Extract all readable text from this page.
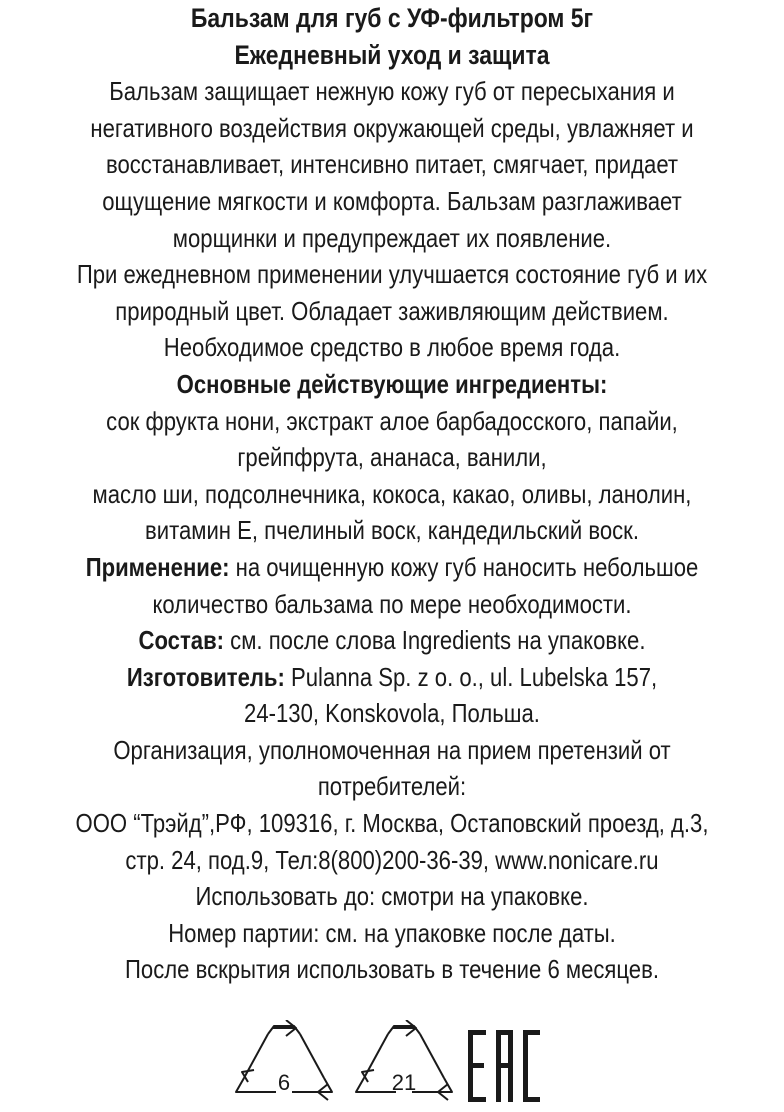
Бальзам для губ с УФ-фильтром 5г
Ежедневный уход и защита
Бальзам защищает нежную кожу губ от пересыхания и
негативного воздействия окружающей среды, увлажняет и
восстанавливает, интенсивно питает, смягчает, придает
ощущение мягкости и комфорта. Бальзам разглаживает
морщинки и предупреждает их появление.
При ежедневном применении улучшается состояние губ и их
природный цвет. Обладает заживляющим действием.
Необходимое средство в любое время года.
Основные действующие ингредиенты:
сок фрукта нони, экстракт алое барбадосского, папайи,
грейпфрута, ананаса, ванили,
масло ши, подсолнечника, кокоса, какао, оливы, ланолин,
витамин Е, пчелиный воск, кандедильский воск.
Применение: на очищенную кожу губ наносить небольшое
количество бальзама по мере необходимости.
Состав: см. после слова Ingredients на упаковке.
Изготовитель: Pulanna Sp. z o. o., ul. Lubelska 157,
24-130, Konskovola, Польша.
Организация, уполномоченная на прием претензий от
потребителей:
ООО “Трэйд”,РФ, 109316, г. Москва, Остаповский проезд, д.3,
стр. 24, под.9, Тел:8(800)200-36-39, www.nonicare.ru
Использовать до: смотри на упаковке.
Номер партии: см. на упаковке после даты.
После вскрытия использовать в течение 6 месяцев.
6	21
